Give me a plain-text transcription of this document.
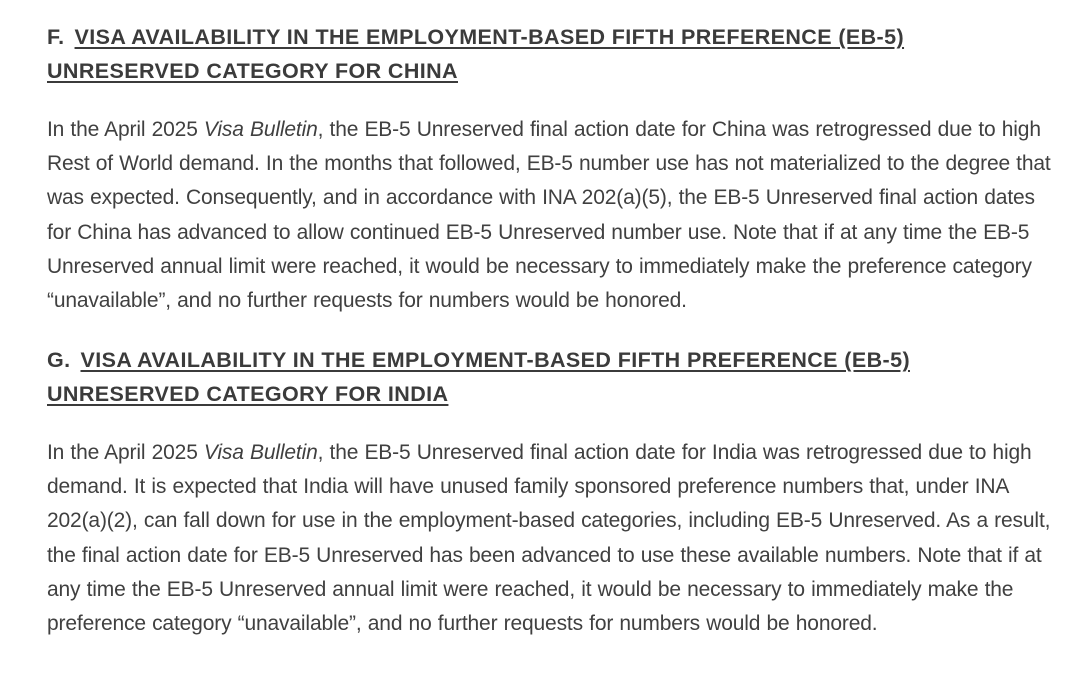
F. VISA AVAILABILITY IN THE EMPLOYMENT-BASED FIFTH PREFERENCE (EB-5)
UNRESERVED CATEGORY FOR CHINA

In the April 2025 Visa Bulletin, the EB-5 Unreserved final action date for China was retrogressed due to high Rest of World demand. In the months that followed, EB-5 number use has not materialized to the degree that was expected. Consequently, and in accordance with INA 202(a)(5), the EB-5 Unreserved final action dates for China has advanced to allow continued EB-5 Unreserved number use. Note that if at any time the EB-5 Unreserved annual limit were reached, it would be necessary to immediately make the preference category “unavailable”, and no further requests for numbers would be honored.

G. VISA AVAILABILITY IN THE EMPLOYMENT-BASED FIFTH PREFERENCE (EB-5)
UNRESERVED CATEGORY FOR INDIA

In the April 2025 Visa Bulletin, the EB-5 Unreserved final action date for India was retrogressed due to high demand. It is expected that India will have unused family sponsored preference numbers that, under INA 202(a)(2), can fall down for use in the employment-based categories, including EB-5 Unreserved. As a result, the final action date for EB-5 Unreserved has been advanced to use these available numbers. Note that if at any time the EB-5 Unreserved annual limit were reached, it would be necessary to immediately make the preference category “unavailable”, and no further requests for numbers would be honored.
